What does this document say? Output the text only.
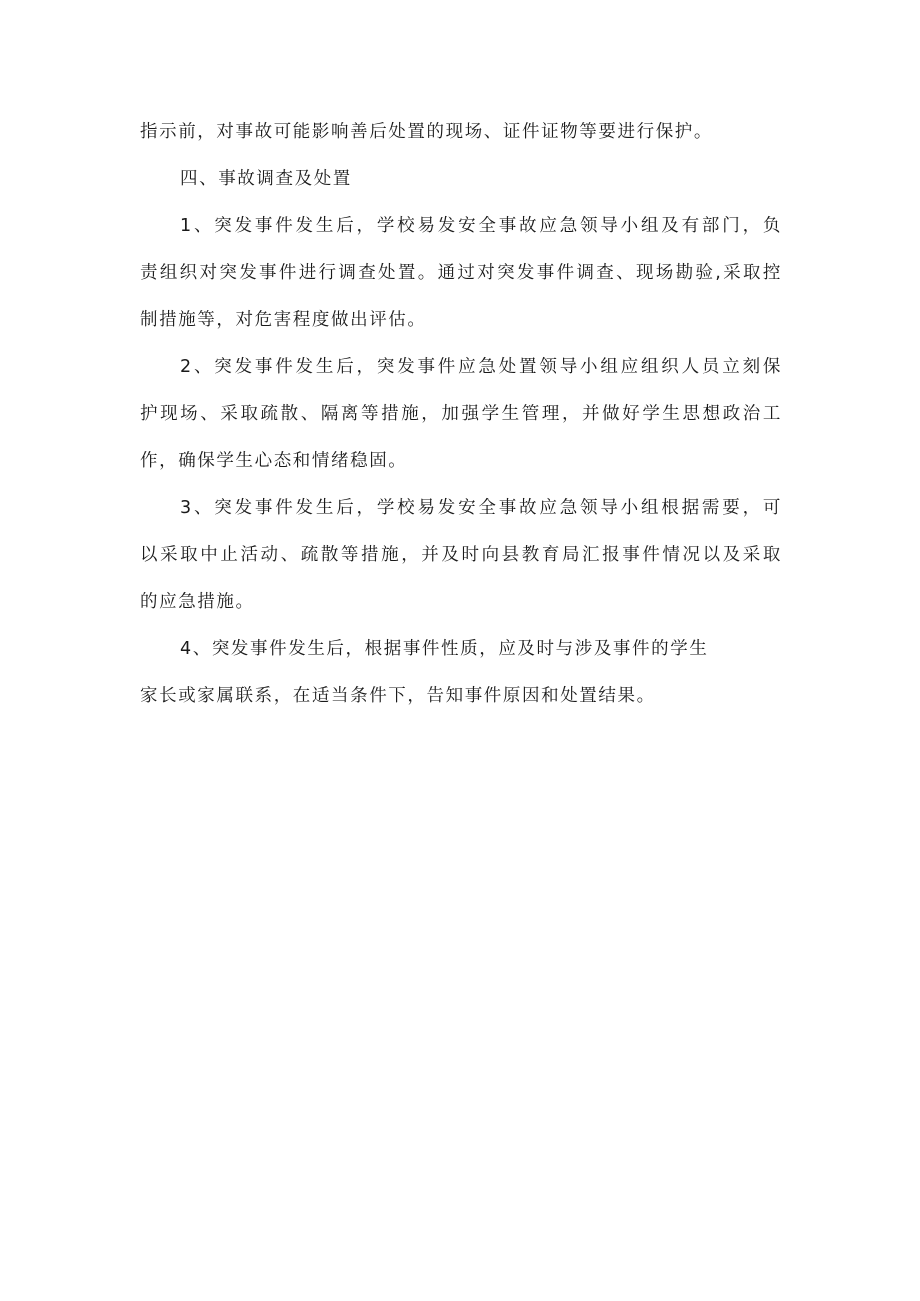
指示前，对事故可能影响善后处置的现场、证件证物等要进行保护。
四、事故调查及处置
1、突发事件发生后，学校易发安全事故应急领导小组及有部门，负
责组织对突发事件进行调查处置。通过对突发事件调查、现场勘验,采取控
制措施等，对危害程度做出评估。
2、突发事件发生后，突发事件应急处置领导小组应组织人员立刻保
护现场、采取疏散、隔离等措施，加强学生管理，并做好学生思想政治工
作，确保学生心态和情绪稳固。
3、突发事件发生后，学校易发安全事故应急领导小组根据需要，可
以采取中止活动、疏散等措施，并及时向县教育局汇报事件情况以及采取
的应急措施。
4、突发事件发生后，根据事件性质，应及时与涉及事件的学生
家长或家属联系，在适当条件下，告知事件原因和处置结果。
